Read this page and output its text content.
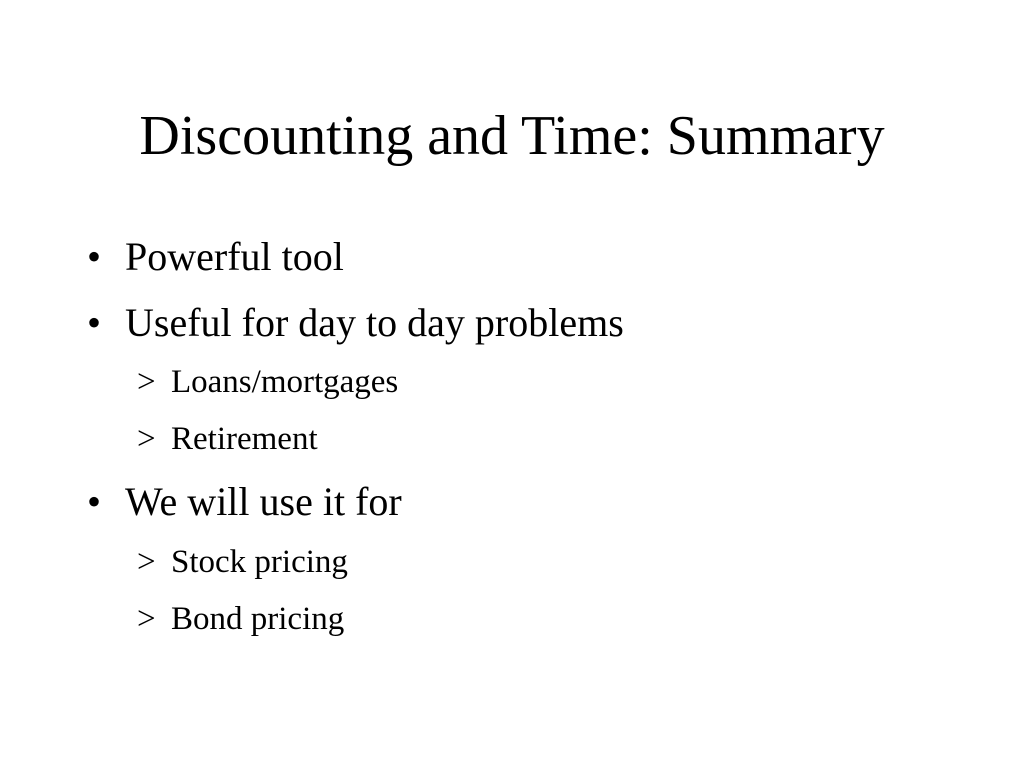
Discounting and Time: Summary
• Powerful tool
• Useful for day to day problems
> Loans/mortgages
> Retirement
• We will use it for
> Stock pricing
> Bond pricing
